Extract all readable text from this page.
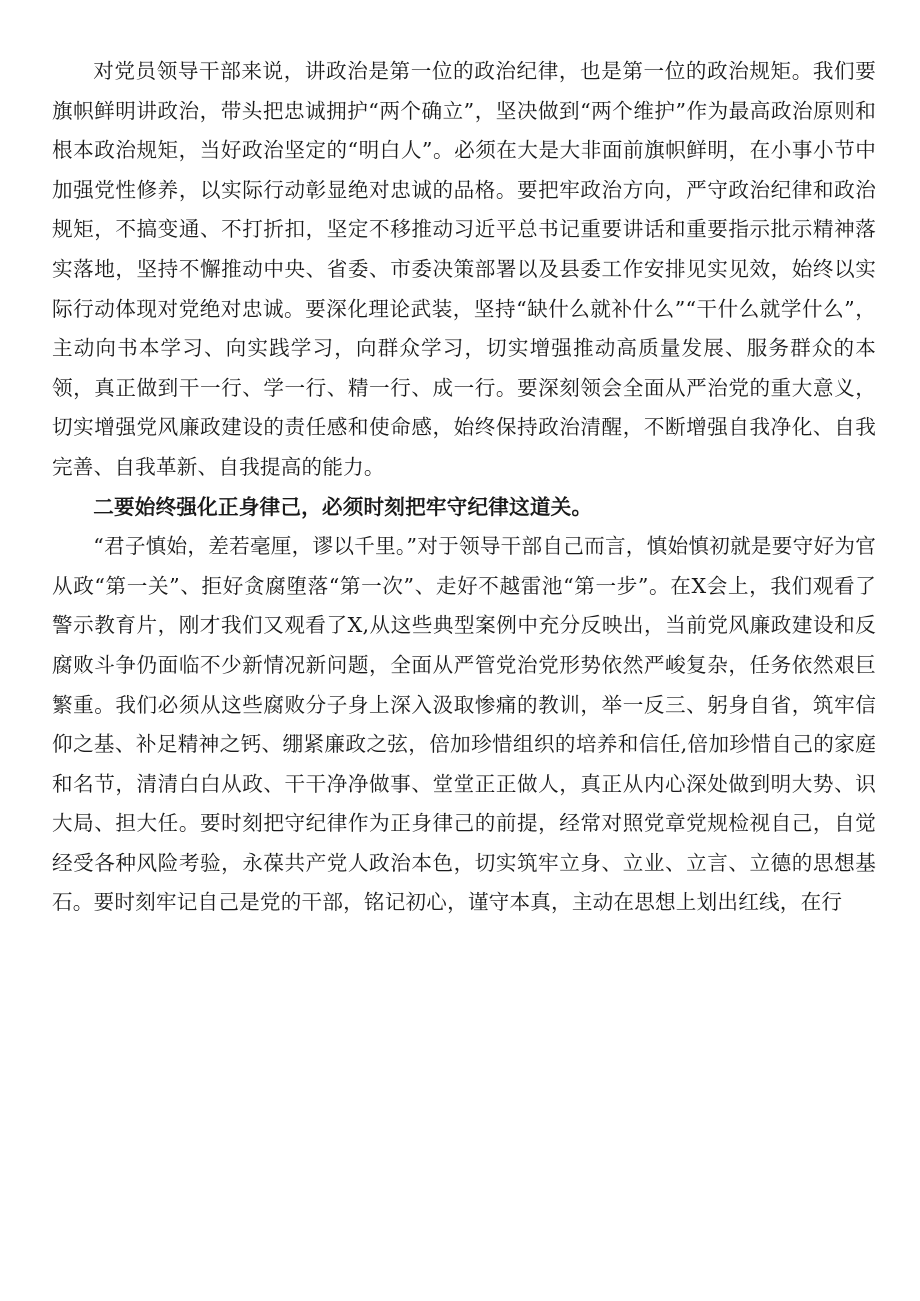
对党员领导干部来说，讲政治是第一位的政治纪律，也是第一位的政治规矩。我们要旗帜鲜明讲政治，带头把忠诚拥护“两个确立”，坚决做到“两个维护”作为最高政治原则和根本政治规矩，当好政治坚定的“明白人”。必须在大是大非面前旗帜鲜明，在小事小节中加强党性修养，以实际行动彰显绝对忠诚的品格。要把牢政治方向，严守政治纪律和政治规矩，不搞变通、不打折扣，坚定不移推动习近平总书记重要讲话和重要指示批示精神落实落地，坚持不懈推动中央、省委、市委决策部署以及县委工作安排见实见效，始终以实际行动体现对党绝对忠诚。要深化理论武装，坚持“缺什么就补什么”“干什么就学什么”，主动向书本学习、向实践学习，向群众学习，切实增强推动高质量发展、服务群众的本领，真正做到干一行、学一行、精一行、成一行。要深刻领会全面从严治党的重大意义，切实增强党风廉政建设的责任感和使命感，始终保持政治清醒，不断增强自我净化、自我完善、自我革新、自我提高的能力。

二要始终强化正身律己，必须时刻把牢守纪律这道关。

“君子慎始，差若毫厘，谬以千里。”对于领导干部自己而言，慎始慎初就是要守好为官从政“第一关”、拒好贪腐堕落“第一次”、走好不越雷池“第一步”。在X会上，我们观看了警示教育片，刚才我们又观看了X,从这些典型案例中充分反映出，当前党风廉政建设和反腐败斗争仍面临不少新情况新问题，全面从严管党治党形势依然严峻复杂，任务依然艰巨繁重。我们必须从这些腐败分子身上深入汲取惨痛的教训，举一反三、躬身自省，筑牢信仰之基、补足精神之钙、绷紧廉政之弦，倍加珍惜组织的培养和信任,倍加珍惜自己的家庭和名节，清清白白从政、干干净净做事、堂堂正正做人，真正从内心深处做到明大势、识大局、担大任。要时刻把守纪律作为正身律己的前提，经常对照党章党规检视自己，自觉经受各种风险考验，永葆共产党人政治本色，切实筑牢立身、立业、立言、立德的思想基石。要时刻牢记自己是党的干部，铭记初心，谨守本真，主动在思想上划出红线，在行
